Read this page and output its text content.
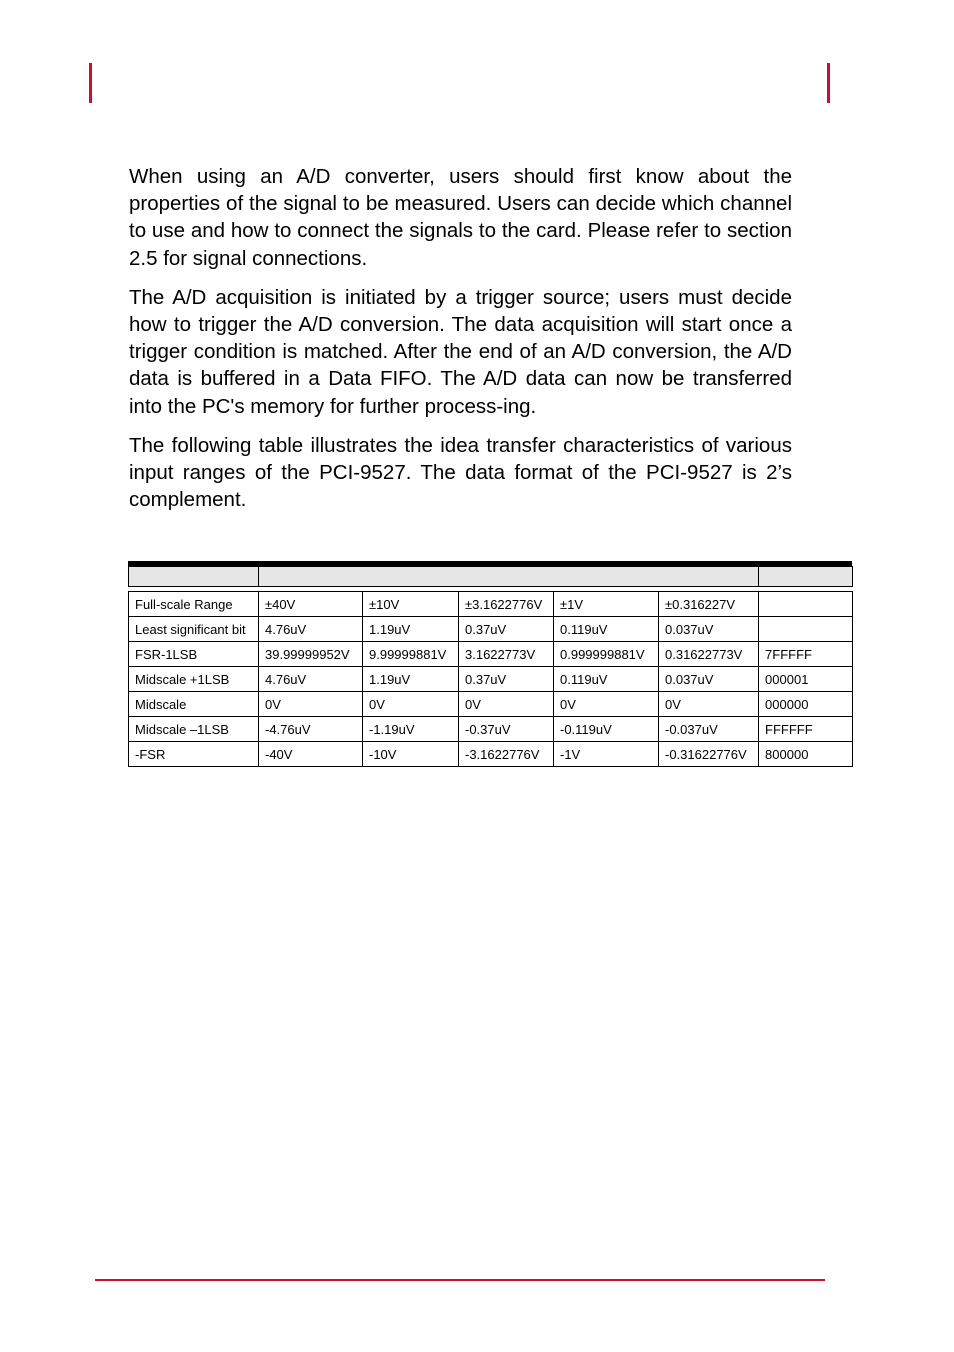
When using an A/D converter, users should first know about the properties of the signal to be measured. Users can decide which channel to use and how to connect the signals to the card. Please refer to section 2.5 for signal connections.

The A/D acquisition is initiated by a trigger source; users must decide how to trigger the A/D conversion. The data acquisition will start once a trigger condition is matched. After the end of an A/D conversion, the A/D data is buffered in a Data FIFO. The A/D data can now be transferred into the PC's memory for further process-ing.

The following table illustrates the idea transfer characteristics of various input ranges of the PCI-9527. The data format of the PCI-9527 is 2’s complement.

Full-scale Range	±40V	±10V	±3.1622776V	±1V	±0.316227V	
Least significant bit	4.76uV	1.19uV	0.37uV	0.119uV	0.037uV	
FSR-1LSB	39.99999952V	9.99999881V	3.1622773V	0.999999881V	0.31622773V	7FFFFF
Midscale +1LSB	4.76uV	1.19uV	0.37uV	0.119uV	0.037uV	000001
Midscale	0V	0V	0V	0V	0V	000000
Midscale –1LSB	-4.76uV	-1.19uV	-0.37uV	-0.119uV	-0.037uV	FFFFFF
-FSR	-40V	-10V	-3.1622776V	-1V	-0.31622776V	800000
